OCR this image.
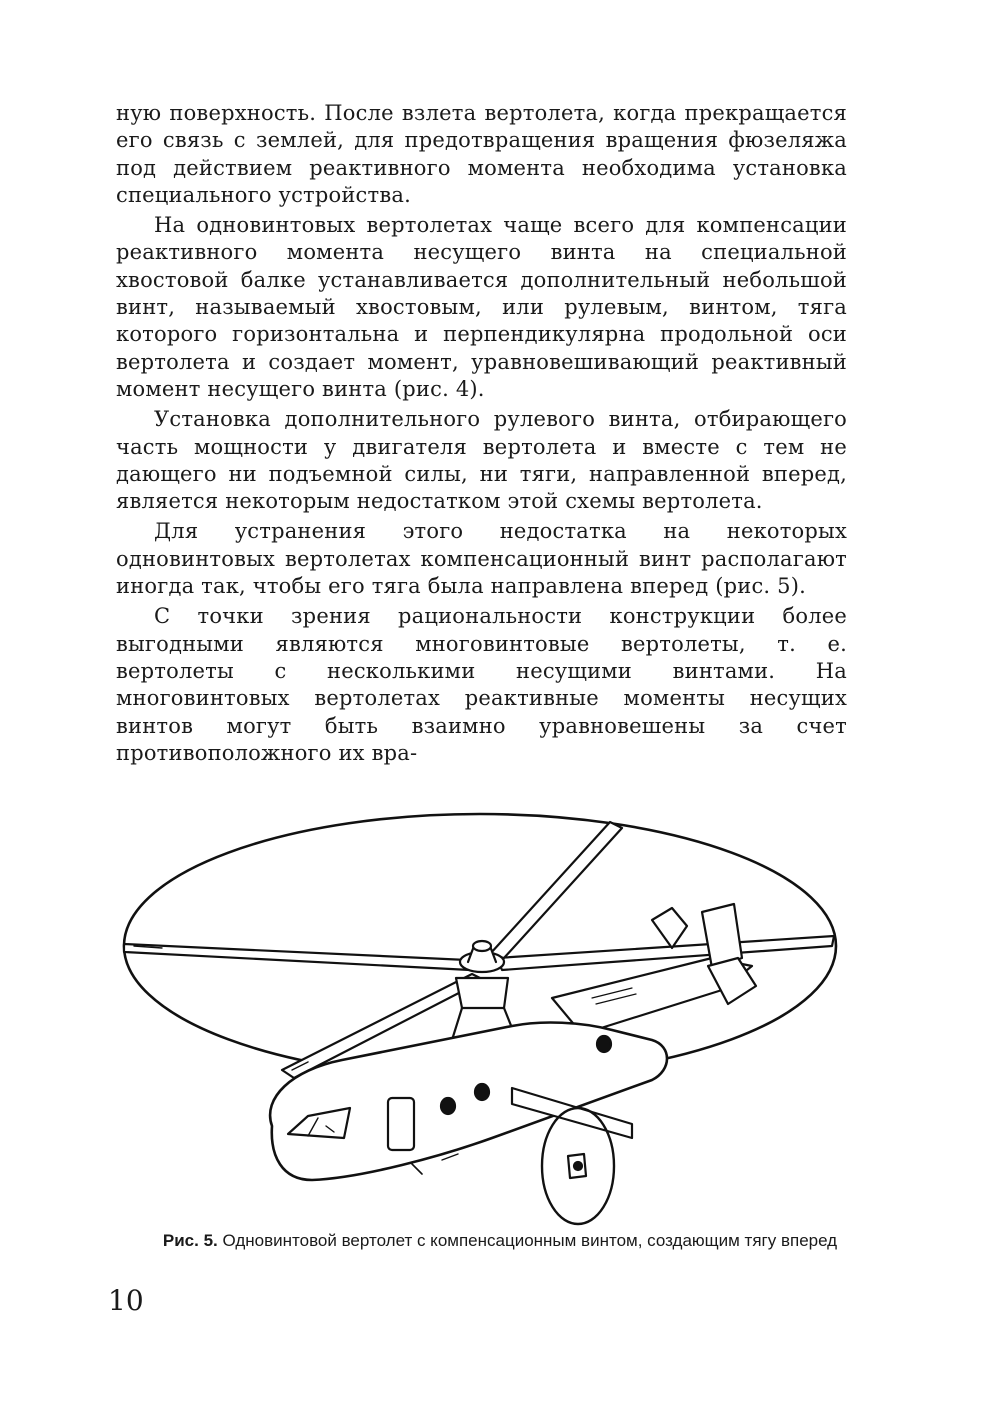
ную поверхность. После взлета вертолета, когда прекращается его связь с землей, для предотвращения вращения фюзеляжа под действием реактивного момента необходима установка специального устройства.

На одновинтовых вертолетах чаще всего для компенсации реактивного момента несущего винта на специальной хвостовой балке устанавливается дополнительный небольшой винт, называемый хвостовым, или рулевым, винтом, тяга которого горизонтальна и перпендикулярна продольной оси вертолета и создает момент, уравновешивающий реактивный момент несущего винта (рис. 4).

Установка дополнительного рулевого винта, отбирающего часть мощности у двигателя вертолета и вместе с тем не дающего ни подъемной силы, ни тяги, направленной вперед, является некоторым недостатком этой схемы вертолета.

Для устранения этого недостатка на некоторых одновинтовых вертолетах компенсационный винт располагают иногда так, чтобы его тяга была направлена вперед (рис. 5).

С точки зрения рациональности конструкции более выгодными являются многовинтовые вертолеты, т. е. вертолеты с несколькими несущими винтами. На многовинтовых вертолетах реактивные моменты несущих винтов могут быть взаимно уравновешены за счет противоположного их вра-

Рис. 5. Одновинтовой вертолет с компенсационным винтом, создающим тягу вперед
10
